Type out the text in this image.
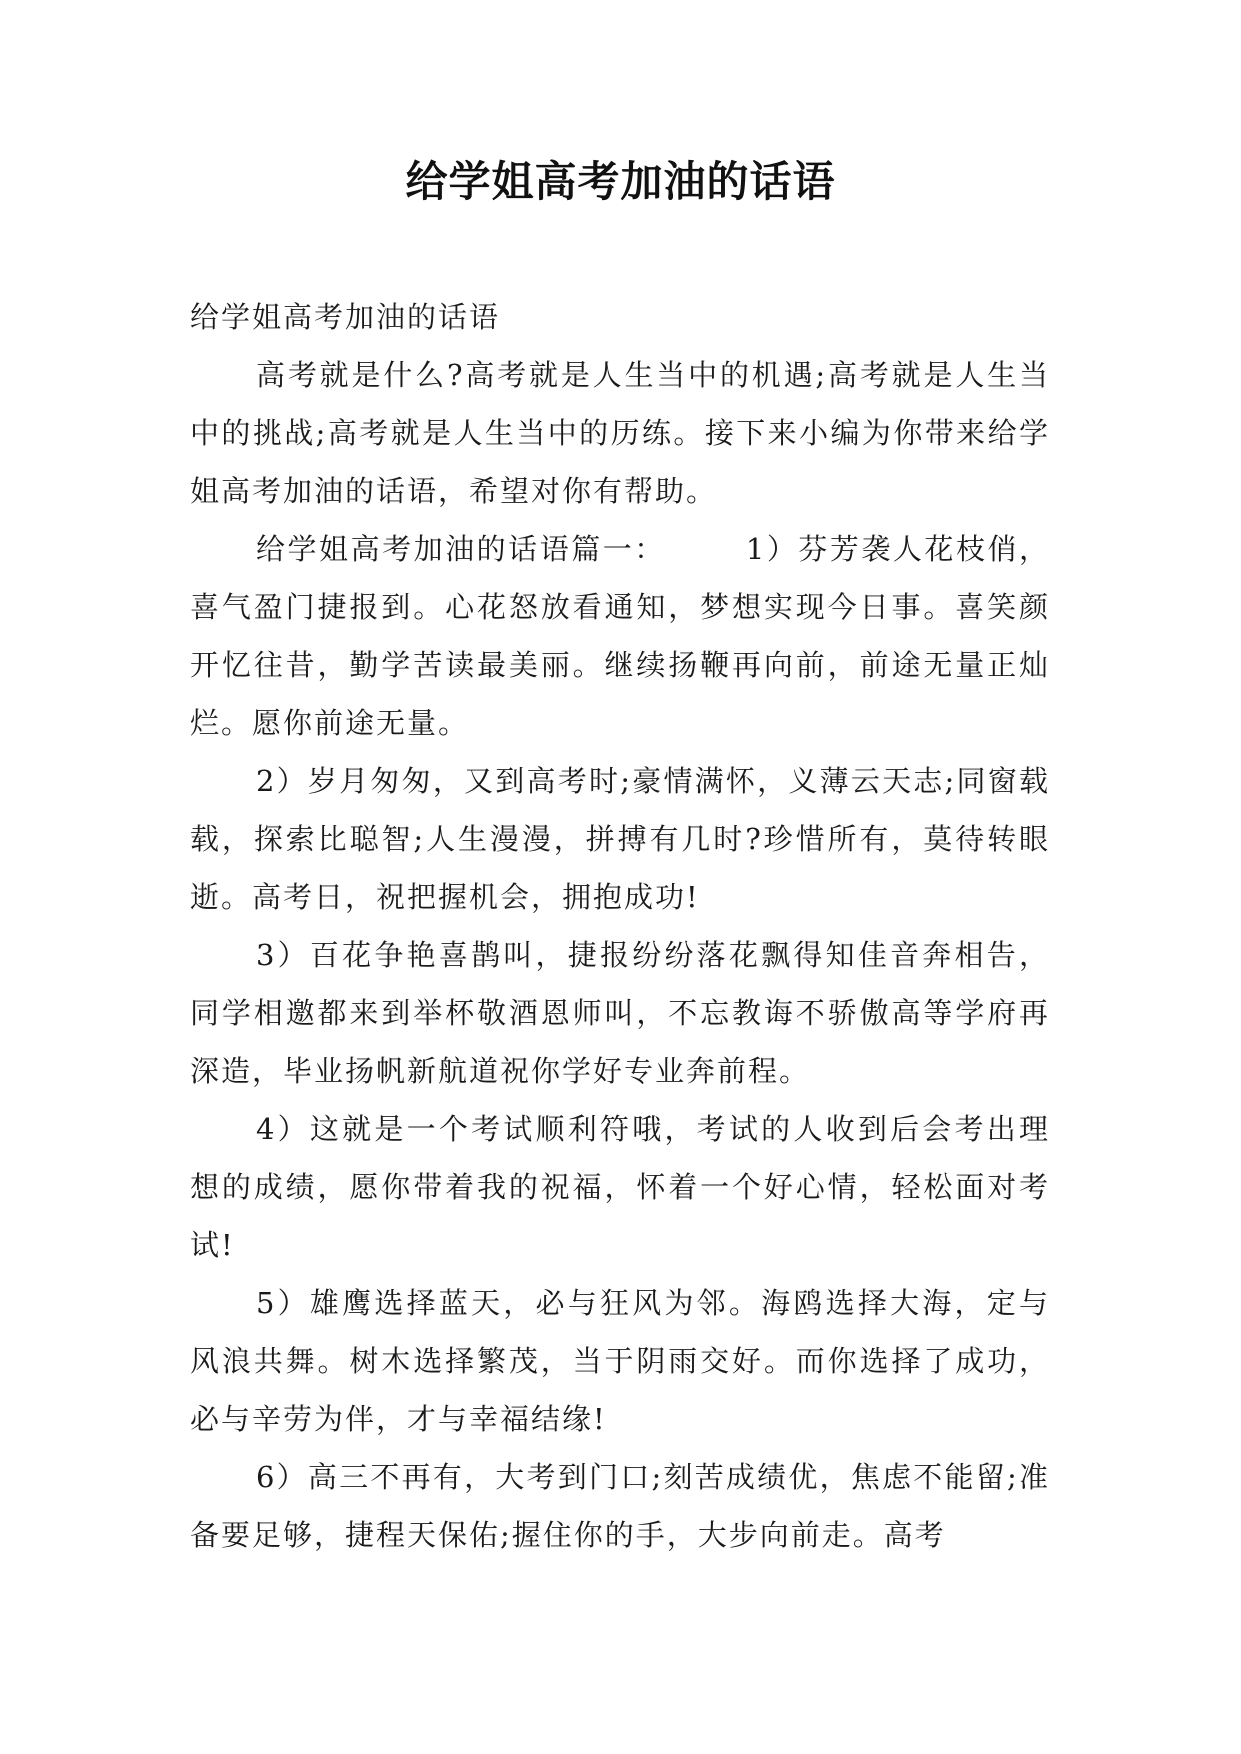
给学姐高考加油的话语

给学姐高考加油的话语

高考就是什么?高考就是人生当中的机遇;高考就是人生当中的挑战;高考就是人生当中的历练。接下来小编为你带来给学姐高考加油的话语，希望对你有帮助。

给学姐高考加油的话语篇一：　　　1）芬芳袭人花枝俏，喜气盈门捷报到。心花怒放看通知，梦想实现今日事。喜笑颜开忆往昔，勤学苦读最美丽。继续扬鞭再向前，前途无量正灿烂。愿你前途无量。

2）岁月匆匆，又到高考时;豪情满怀，义薄云天志;同窗载载，探索比聪智;人生漫漫，拼搏有几时?珍惜所有，莫待转眼逝。高考日，祝把握机会，拥抱成功!

3）百花争艳喜鹊叫，捷报纷纷落花飘得知佳音奔相告，同学相邀都来到举杯敬酒恩师叫，不忘教诲不骄傲高等学府再深造，毕业扬帆新航道祝你学好专业奔前程。

4）这就是一个考试顺利符哦，考试的人收到后会考出理想的成绩，愿你带着我的祝福，怀着一个好心情，轻松面对考试!

5）雄鹰选择蓝天，必与狂风为邻。海鸥选择大海，定与风浪共舞。树木选择繁茂，当于阴雨交好。而你选择了成功，必与辛劳为伴，才与幸福结缘!

6）高三不再有，大考到门口;刻苦成绩优，焦虑不能留;准备要足够，捷程天保佑;握住你的手，大步向前走。高考
